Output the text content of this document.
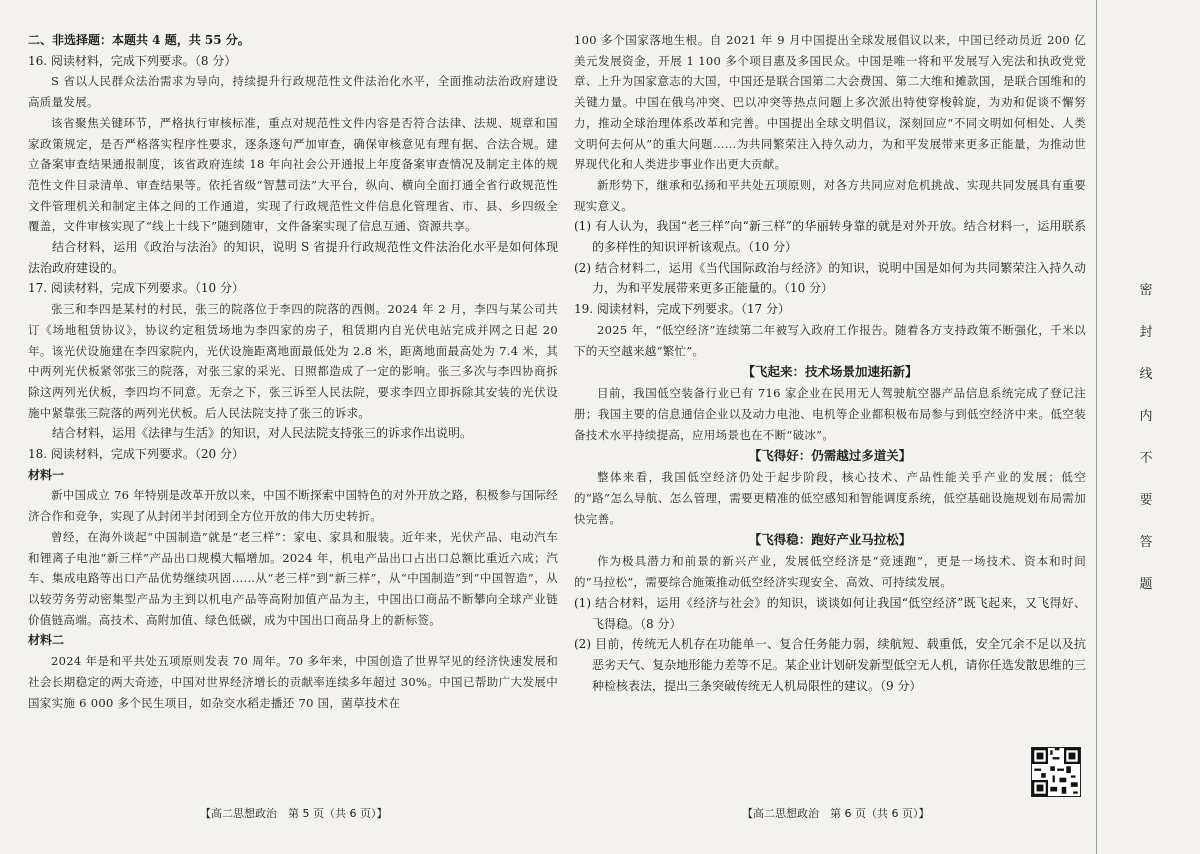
二、非选择题：本题共 4 题，共 55 分。

16. 阅读材料，完成下列要求。（8 分）

S 省以人民群众法治需求为导向，持续提升行政规范性文件法治化水平，全面推动法治政府建设高质量发展。

该省聚焦关键环节，严格执行审核标准，重点对规范性文件内容是否符合法律、法规、规章和国家政策规定，是否严格落实程序性要求，逐条逐句严加审查，确保审核意见有理有据、合法合规。建立备案审查结果通报制度，该省政府连续 18 年向社会公开通报上年度备案审查情况及制定主体的规范性文件目录清单、审查结果等。依托省级“智慧司法”大平台，纵向、横向全面打通全省行政规范性文件管理机关和制定主体之间的工作通道，实现了行政规范性文件信息化管理省、市、县、乡四级全覆盖，文件审核实现了“线上十线下”随到随审，文件备案实现了信息互通、资源共享。

结合材料，运用《政治与法治》的知识，说明 S 省提升行政规范性文件法治化水平是如何体现法治政府建设的。

17. 阅读材料，完成下列要求。（10 分）

张三和李四是某村的村民，张三的院落位于李四的院落的西侧。2024 年 2 月，李四与某公司共订《场地租赁协议》，协议约定租赁场地为李四家的房子，租赁期内自光伏电站完成并网之日起 20 年。该光伏设施建在李四家院内，光伏设施距离地面最低处为 2.8 米，距离地面最高处为 7.4 米，其中两列光伏板紧邻张三的院落，对张三家的采光、日照都造成了一定的影响。张三多次与李四协商拆除这两列光伏板，李四均不同意。无奈之下，张三诉至人民法院，要求李四立即拆除其安装的光伏设施中紧靠张三院落的两列光伏板。后人民法院支持了张三的诉求。

结合材料，运用《法律与生活》的知识，对人民法院支持张三的诉求作出说明。

18. 阅读材料，完成下列要求。（20 分）

材料一

新中国成立 76 年特别是改革开放以来，中国不断探索中国特色的对外开放之路，积极参与国际经济合作和竞争，实现了从封闭半封闭到全方位开放的伟大历史转折。

曾经，在海外谈起“中国制造”就是“老三样”：家电、家具和服装。近年来，光伏产品、电动汽车和锂离子电池“新三样”产品出口规模大幅增加。2024 年，机电产品出口占出口总额比重近六成；汽车、集成电路等出口产品优势继续巩固……从“老三样”到“新三样”，从“中国制造”到“中国智造”，从以较劳务劳动密集型产品为主到以机电产品等高附加值产品为主，中国出口商品不断攀向全球产业链价值链高端。高技术、高附加值、绿色低碳，成为中国出口商品身上的新标签。

材料二

2024 年是和平共处五项原则发表 70 周年。70 多年来，中国创造了世界罕见的经济快速发展和社会长期稳定的两大奇迹，中国对世界经济增长的贡献率连续多年超过 30%。中国已帮助广大发展中国家实施 6 000 多个民生项目，如杂交水稻走播还 70 国，菌草技术在

【高二思想政治　第 5 页（共 6 页）】

100 多个国家落地生根。自 2021 年 9 月中国提出全球发展倡议以来，中国已经动员近 200 亿美元发展资金，开展 1 100 多个项目惠及多国民众。中国是唯一将和平发展写入宪法和执政党党章、上升为国家意志的大国，中国还是联合国第二大会费国、第二大维和摊款国，是联合国维和的关键力量。中国在俄乌冲突、巴以冲突等热点问题上多次派出特使穿梭斡旋，为劝和促谈不懈努力，推动全球治理体系改革和完善。中国提出全球文明倡议，深刻回应“不同文明如何相处、人类文明何去何从”的重大问题……为共同繁荣注入持久动力，为和平发展带来更多正能量，为推动世界现代化和人类进步事业作出更大贡献。

新形势下，继承和弘扬和平共处五项原则，对各方共同应对危机挑战、实现共同发展具有重要现实意义。

(1) 有人认为，我国“老三样”向“新三样”的华丽转身靠的就是对外开放。结合材料一，运用联系的多样性的知识评析该观点。（10 分）

(2) 结合材料二，运用《当代国际政治与经济》的知识，说明中国是如何为共同繁荣注入持久动力，为和平发展带来更多正能量的。（10 分）

19. 阅读材料，完成下列要求。（17 分）

2025 年，“低空经济”连续第二年被写入政府工作报告。随着各方支持政策不断强化，千米以下的天空越来越“繁忙”。

【飞起来：技术场景加速拓新】

目前，我国低空装备行业已有 716 家企业在民用无人驾驶航空器产品信息系统完成了登记注册；我国主要的信息通信企业以及动力电池、电机等企业都积极布局参与到低空经济中来。低空装备技术水平持续提高，应用场景也在不断“破冰”。

【飞得好：仍需越过多道关】

整体来看，我国低空经济仍处于起步阶段，核心技术、产品性能关乎产业的发展；低空的“路”怎么导航、怎么管理，需要更精准的低空感知和智能调度系统，低空基础设施规划布局需加快完善。

【飞得稳：跑好产业马拉松】

作为极具潜力和前景的新兴产业，发展低空经济是“竞速跑”，更是一场技术、资本和时间的“马拉松”，需要综合施策推动低空经济实现安全、高效、可持续发展。

(1) 结合材料，运用《经济与社会》的知识，谈谈如何让我国“低空经济”既飞起来，又飞得好、飞得稳。（8 分）

(2) 目前，传统无人机存在功能单一、复合任务能力弱，续航短、载重低，安全冗余不足以及抗恶劣天气、复杂地形能力差等不足。某企业计划研发新型低空无人机，请你任选发散思维的三种检核表法，提出三条突破传统无人机局限性的建议。（9 分）

【高二思想政治　第 6 页（共 6 页）】
密
封
线
内
不
要
答
题
